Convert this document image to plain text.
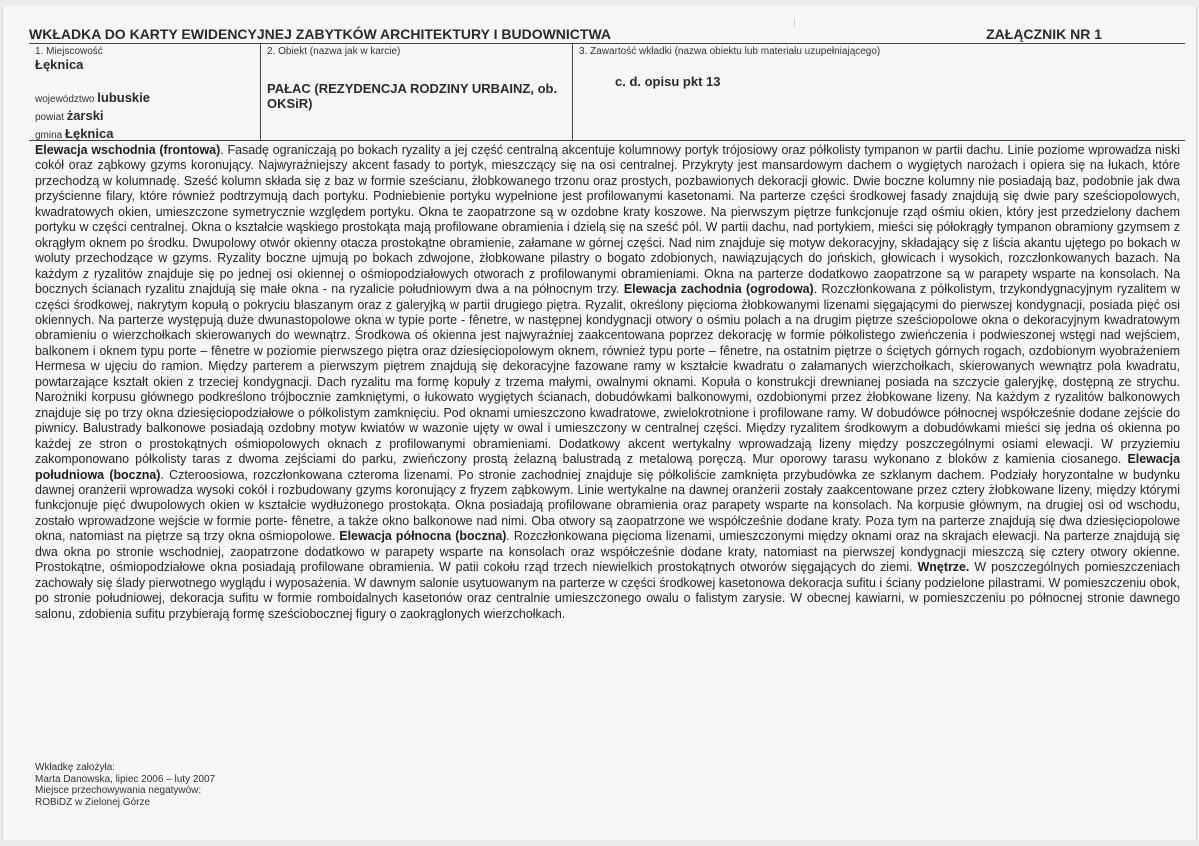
WKŁADKA DO KARTY EWIDENCYJNEJ ZABYTKÓW ARCHITEKTURY I BUDOWNICTWA	ZAŁĄCZNIK NR 1
1. Miejscowość
Łęknica
województwo lubuskie
powiat żarski
gmina Łęknica
2. Obiekt (nazwa jak w karcie)
PAŁAC (REZYDENCJA RODZINY URBAINZ, ob. OKSiR)
3. Zawartość wkładki (nazwa obiektu lub materiału uzupełniającego)
c. d. opisu pkt 13
Elewacja wschodnia (frontowa). Fasadę ograniczają po bokach ryzality a jej część centralną akcentuje kolumnowy portyk trójosiowy oraz półkolisty tympanon w partii dachu. Linie poziome wprowadza niski cokół oraz ząbkowy gzyms koronujący. Najwyraźniejszy akcent fasady to portyk, mieszczący się na osi centralnej. Przykryty jest mansardowym dachem o wygiętych narożach i opiera się na łukach, które przechodzą w kolumnadę. Sześć kolumn składa się z baz w formie sześcianu, żłobkowanego trzonu oraz prostych, pozbawionych dekoracji głowic. Dwie boczne kolumny nie posiadają baz, podobnie jak dwa przyścienne filary, które również podtrzymują dach portyku. Podniebienie portyku wypełnione jest profilowanymi kasetonami. Na parterze części środkowej fasady znajdują się dwie pary sześciopolowych, kwadratowych okien, umieszczone symetrycznie względem portyku. Okna te zaopatrzone są w ozdobne kraty koszowe. Na pierwszym piętrze funkcjonuje rząd ośmiu okien, który jest przedzielony dachem portyku w części centralnej. Okna o kształcie wąskiego prostokąta mają profilowane obramienia i dzielą się na sześć pól. W partii dachu, nad portykiem, mieści się półokrągły tympanon obramiony gzymsem z okrągłym oknem po środku. Dwupolowy otwór okienny otacza prostokątne obramienie, załamane w górnej części. Nad nim znajduje się motyw dekoracyjny, składający się z liścia akantu ujętego po bokach w woluty przechodzące w gzyms. Ryzality boczne ujmują po bokach zdwojone, żłobkowane pilastry o bogato zdobionych, nawiązujących do jońskich, głowicach i wysokich, rozczłonkowanych bazach. Na każdym z ryzalitów znajduje się po jednej osi okiennej o ośmiopodziałowych otworach z profilowanymi obramieniami. Okna na parterze dodatkowo zaopatrzone są w parapety wsparte na konsolach. Na bocznych ścianach ryzalitu znajdują się małe okna - na ryzalicie południowym dwa a na północnym trzy. Elewacja zachodnia (ogrodowa). Rozczłonkowana z półkolistym, trzykondygnacyjnym ryzalitem w części środkowej, nakrytym kopułą o pokryciu blaszanym oraz z galeryjką w partii drugiego piętra. Ryzalit, określony pięcioma żłobkowanymi lizenami sięgającymi do pierwszej kondygnacji, posiada pięć osi okiennych. Na parterze występują duże dwunastopolowe okna w typie porte - fênetre, w następnej kondygnacji otwory o ośmiu polach a na drugim piętrze sześciopolowe okna o dekoracyjnym kwadratowym obramieniu o wierzchołkach skierowanych do wewnątrz. Środkowa oś okienna jest najwyraźniej zaakcentowana poprzez dekorację w formie półkolistego zwieńczenia i podwieszonej wstęgi nad wejściem, balkonem i oknem typu porte – fênetre w poziomie pierwszego piętra oraz dziesięciopolowym oknem, również typu porte – fênetre, na ostatnim piętrze o ściętych górnych rogach, ozdobionym wyobrażeniem Hermesa w ujęciu do ramion. Między parterem a pierwszym piętrem znajdują się dekoracyjne fazowane ramy w kształcie kwadratu o załamanych wierzchołkach, skierowanych wewnątrz pola kwadratu, powtarzające kształt okien z trzeciej kondygnacji. Dach ryzalitu ma formę kopuły z trzema małymi, owalnymi oknami. Kopuła o konstrukcji drewnianej posiada na szczycie galeryjkę, dostępną ze strychu. Narożniki korpusu głównego podkreślono trójbocznie zamkniętymi, o łukowato wygiętych ścianach, dobudówkami balkonowymi, ozdobionymi przez żłobkowane lizeny. Na każdym z ryzalitów balkonowych znajduje się po trzy okna dziesięciopodziałowe o półkolistym zamknięciu. Pod oknami umieszczono kwadratowe, zwielokrotnione i profilowane ramy. W dobudówce północnej współcześnie dodane zejście do piwnicy. Balustrady balkonowe posiadają ozdobny motyw kwiatów w wazonie ujęty w owal i umieszczony w centralnej części. Między ryzalitem środkowym a dobudówkami mieści się jedna oś okienna po każdej ze stron o prostokątnych ośmiopolowych oknach z profilowanymi obramieniami. Dodatkowy akcent wertykalny wprowadzają lizeny między poszczególnymi osiami elewacji. W przyziemiu zakomponowano półkolisty taras z dwoma zejściami do parku, zwieńczony prostą żelazną balustradą z metalową poręczą. Mur oporowy tarasu wykonano z bloków z kamienia ciosanego. Elewacja południowa (boczna). Czteroosiowa, rozczłonkowana czteroma lizenami. Po stronie zachodniej znajduje się półkoliście zamknięta przybudówka ze szklanym dachem. Podziały horyzontalne w budynku dawnej oranżerii wprowadza wysoki cokół i rozbudowany gzyms koronujący z fryzem ząbkowym. Linie wertykalne na dawnej oranżerii zostały zaakcentowane przez cztery żłobkowane lizeny, między którymi funkcjonuje pięć dwupolowych okien w kształcie wydłużonego prostokąta. Okna posiadają profilowane obramienia oraz parapety wsparte na konsolach. Na korpusie głównym, na drugiej osi od wschodu, zostało wprowadzone wejście w formie porte- fênetre, a także okno balkonowe nad nimi. Oba otwory są zaopatrzone we współcześnie dodane kraty. Poza tym na parterze znajdują się dwa dziesięciopolowe okna, natomiast na piętrze są trzy okna ośmiopolowe. Elewacja północna (boczna). Rozczłonkowana pięcioma lizenami, umieszczonymi między oknami oraz na skrajach elewacji. Na parterze znajdują się dwa okna po stronie wschodniej, zaopatrzone dodatkowo w parapety wsparte na konsolach oraz współcześnie dodane kraty, natomiast na pierwszej kondygnacji mieszczą się cztery otwory okienne. Prostokątne, ośmiopodziałowe okna posiadają profilowane obramienia. W patii cokołu rząd trzech niewielkich prostokątnych otworów sięgających do ziemi. Wnętrze. W poszczególnych pomieszczeniach zachowały się ślady pierwotnego wyglądu i wyposażenia. W dawnym salonie usytuowanym na parterze w części środkowej kasetonowa dekoracja sufitu i ściany podzielone pilastrami. W pomieszczeniu obok, po stronie południowej, dekoracja sufitu w formie romboidalnych kasetonów oraz centralnie umieszczonego owalu o falistym zarysie. W obecnej kawiarni, w pomieszczeniu po północnej stronie dawnego salonu, zdobienia sufitu przybierają formę sześciobocznej figury o zaokrąglonych wierzchołkach.
Wkładkę założyła:
Marta Danowska, lipiec 2006 – luty 2007
Miejsce przechowywania negatywów:
ROBiDZ w Zielonej Górze
